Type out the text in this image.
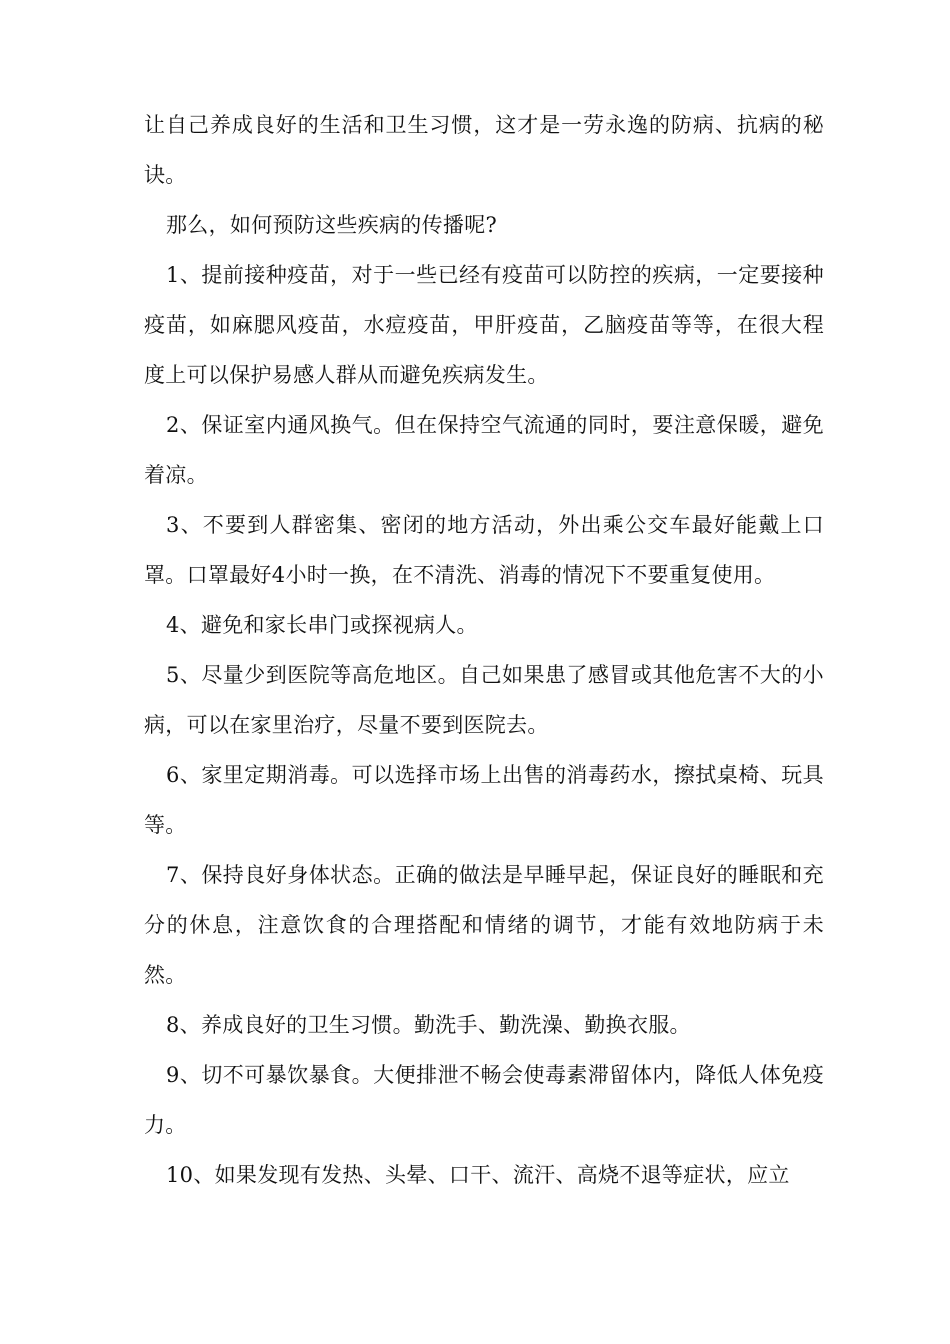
让自己养成良好的生活和卫生习惯，这才是一劳永逸的防病、抗病的秘诀。

那么，如何预防这些疾病的传播呢?

1、提前接种疫苗，对于一些已经有疫苗可以防控的疾病，一定要接种疫苗，如麻腮风疫苗，水痘疫苗，甲肝疫苗，乙脑疫苗等等，在很大程度上可以保护易感人群从而避免疾病发生。

2、保证室内通风换气。但在保持空气流通的同时，要注意保暖，避免着凉。

3、不要到人群密集、密闭的地方活动，外出乘公交车最好能戴上口罩。口罩最好4小时一换，在不清洗、消毒的情况下不要重复使用。

4、避免和家长串门或探视病人。

5、尽量少到医院等高危地区。自己如果患了感冒或其他危害不大的小病，可以在家里治疗，尽量不要到医院去。

6、家里定期消毒。可以选择市场上出售的消毒药水，擦拭桌椅、玩具等。

7、保持良好身体状态。正确的做法是早睡早起，保证良好的睡眠和充分的休息，注意饮食的合理搭配和情绪的调节，才能有效地防病于未然。

8、养成良好的卫生习惯。勤洗手、勤洗澡、勤换衣服。

9、切不可暴饮暴食。大便排泄不畅会使毒素滞留体内，降低人体免疫力。

10、如果发现有发热、头晕、口干、流汗、高烧不退等症状，应立
